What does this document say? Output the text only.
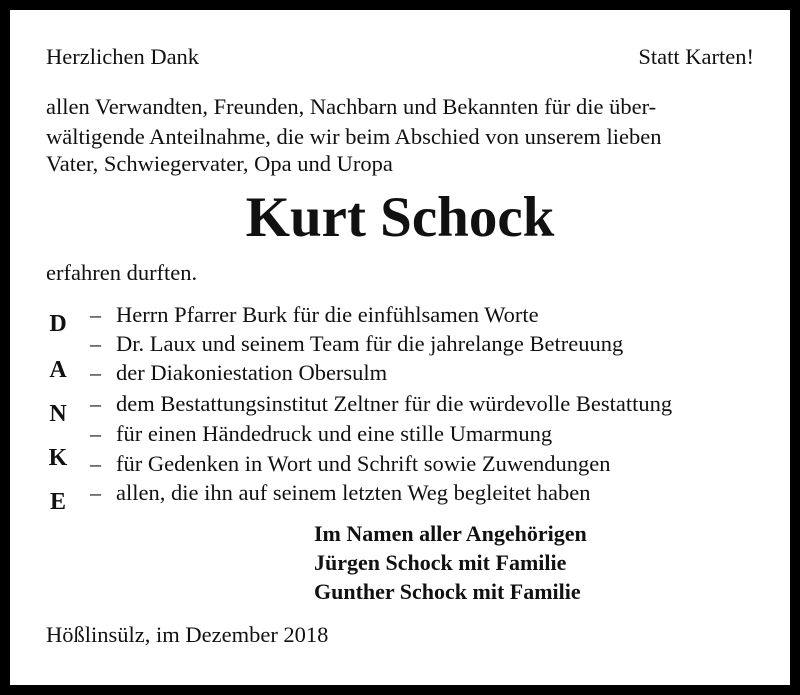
Herzlichen Dank	Statt Karten!
allen Verwandten, Freunden, Nachbarn und Bekannten für die über-
wältigende Anteilnahme, die wir beim Abschied von unserem lieben
Vater, Schwiegervater, Opa und Uropa
Kurt Schock
erfahren durften.
D
A
N
K
E
– Herrn Pfarrer Burk für die einfühlsamen Worte
– Dr. Laux und seinem Team für die jahrelange Betreuung
– der Diakoniestation Obersulm
– dem Bestattungsinstitut Zeltner für die würdevolle Bestattung
– für einen Händedruck und eine stille Umarmung
– für Gedenken in Wort und Schrift sowie Zuwendungen
– allen, die ihn auf seinem letzten Weg begleitet haben
Im Namen aller Angehörigen
Jürgen Schock mit Familie
Gunther Schock mit Familie
Hößlinsülz, im Dezember 2018
